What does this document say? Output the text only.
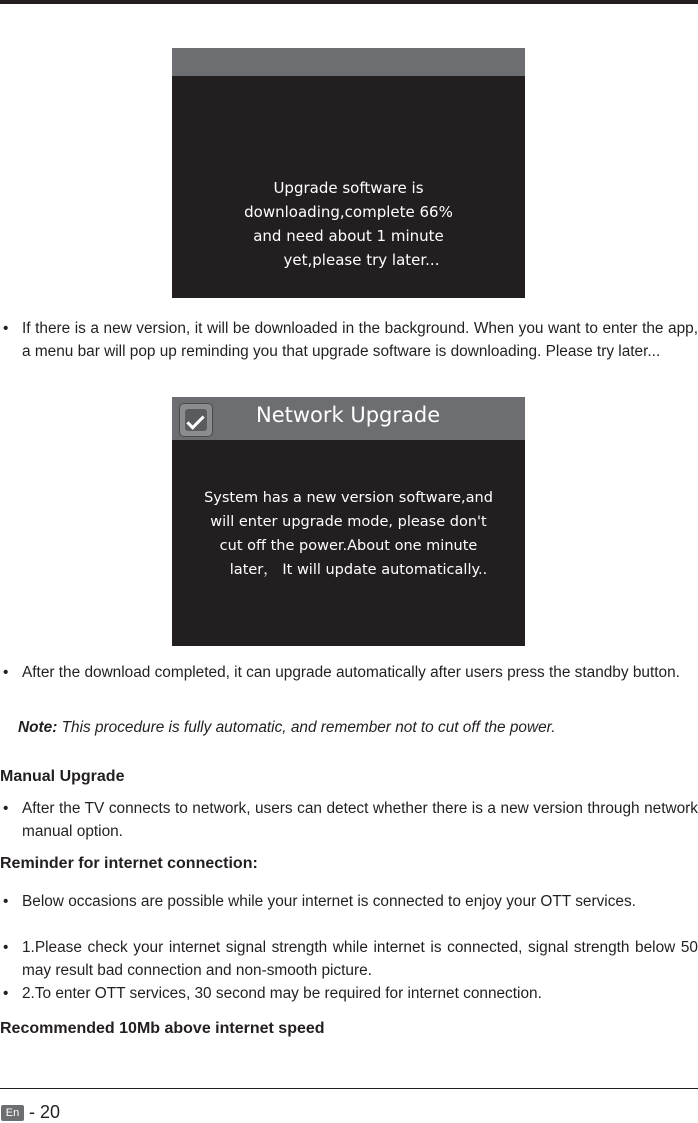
Upgrade software is
downloading,complete 66%
and need about 1 minute
yet,please try later...
• If there is a new version, it will be downloaded in the background. When you want to enter the app, a menu bar will pop up reminding you that upgrade software is downloading. Please try later...
Network Upgrade
System has a new version software,and
will enter upgrade mode, please don't
cut off the power.About one minute
later， It will update automatically..
• After the download completed, it can upgrade automatically after users press the standby button.
Note: This procedure is fully automatic, and remember not to cut off the power.
Manual Upgrade
• After the TV connects to network, users can detect whether there is a new version through network manual option.
Reminder for internet connection:
• Below occasions are possible while your internet is connected to enjoy your OTT services.
• 1.Please check your internet signal strength while internet is connected, signal strength below 50 may result bad connection and non-smooth picture.
• 2.To enter OTT services, 30 second may be required for internet connection.
Recommended 10Mb above internet speed
En - 20
